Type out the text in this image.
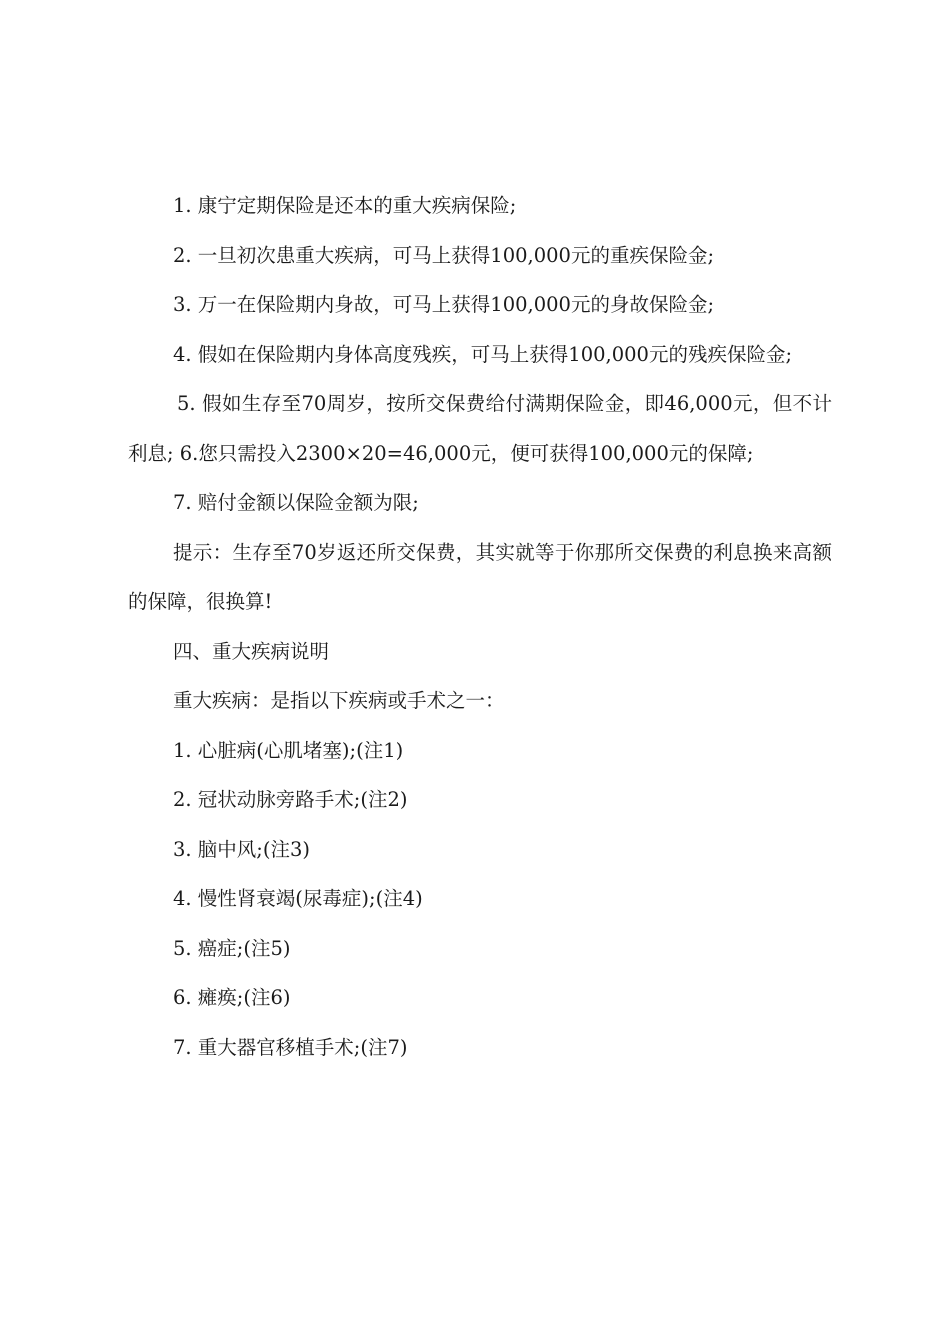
1. 康宁定期保险是还本的重大疾病保险;

2. 一旦初次患重大疾病，可马上获得100,000元的重疾保险金;

3. 万一在保险期内身故，可马上获得100,000元的身故保险金;

4. 假如在保险期内身体高度残疾，可马上获得100,000元的残疾保险金;

5. 假如生存至70周岁，按所交保费给付满期保险金，即46,000元，但不计利息; 6.您只需投入2300×20=46,000元，便可获得100,000元的保障;

7. 赔付金额以保险金额为限;

提示：生存至70岁返还所交保费，其实就等于你那所交保费的利息换来高额的保障，很换算!

四、重大疾病说明

重大疾病：是指以下疾病或手术之一：

1. 心脏病(心肌堵塞);(注1)

2. 冠状动脉旁路手术;(注2)

3. 脑中风;(注3)

4. 慢性肾衰竭(尿毒症);(注4)

5. 癌症;(注5)

6. 瘫痪;(注6)

7. 重大器官移植手术;(注7)
